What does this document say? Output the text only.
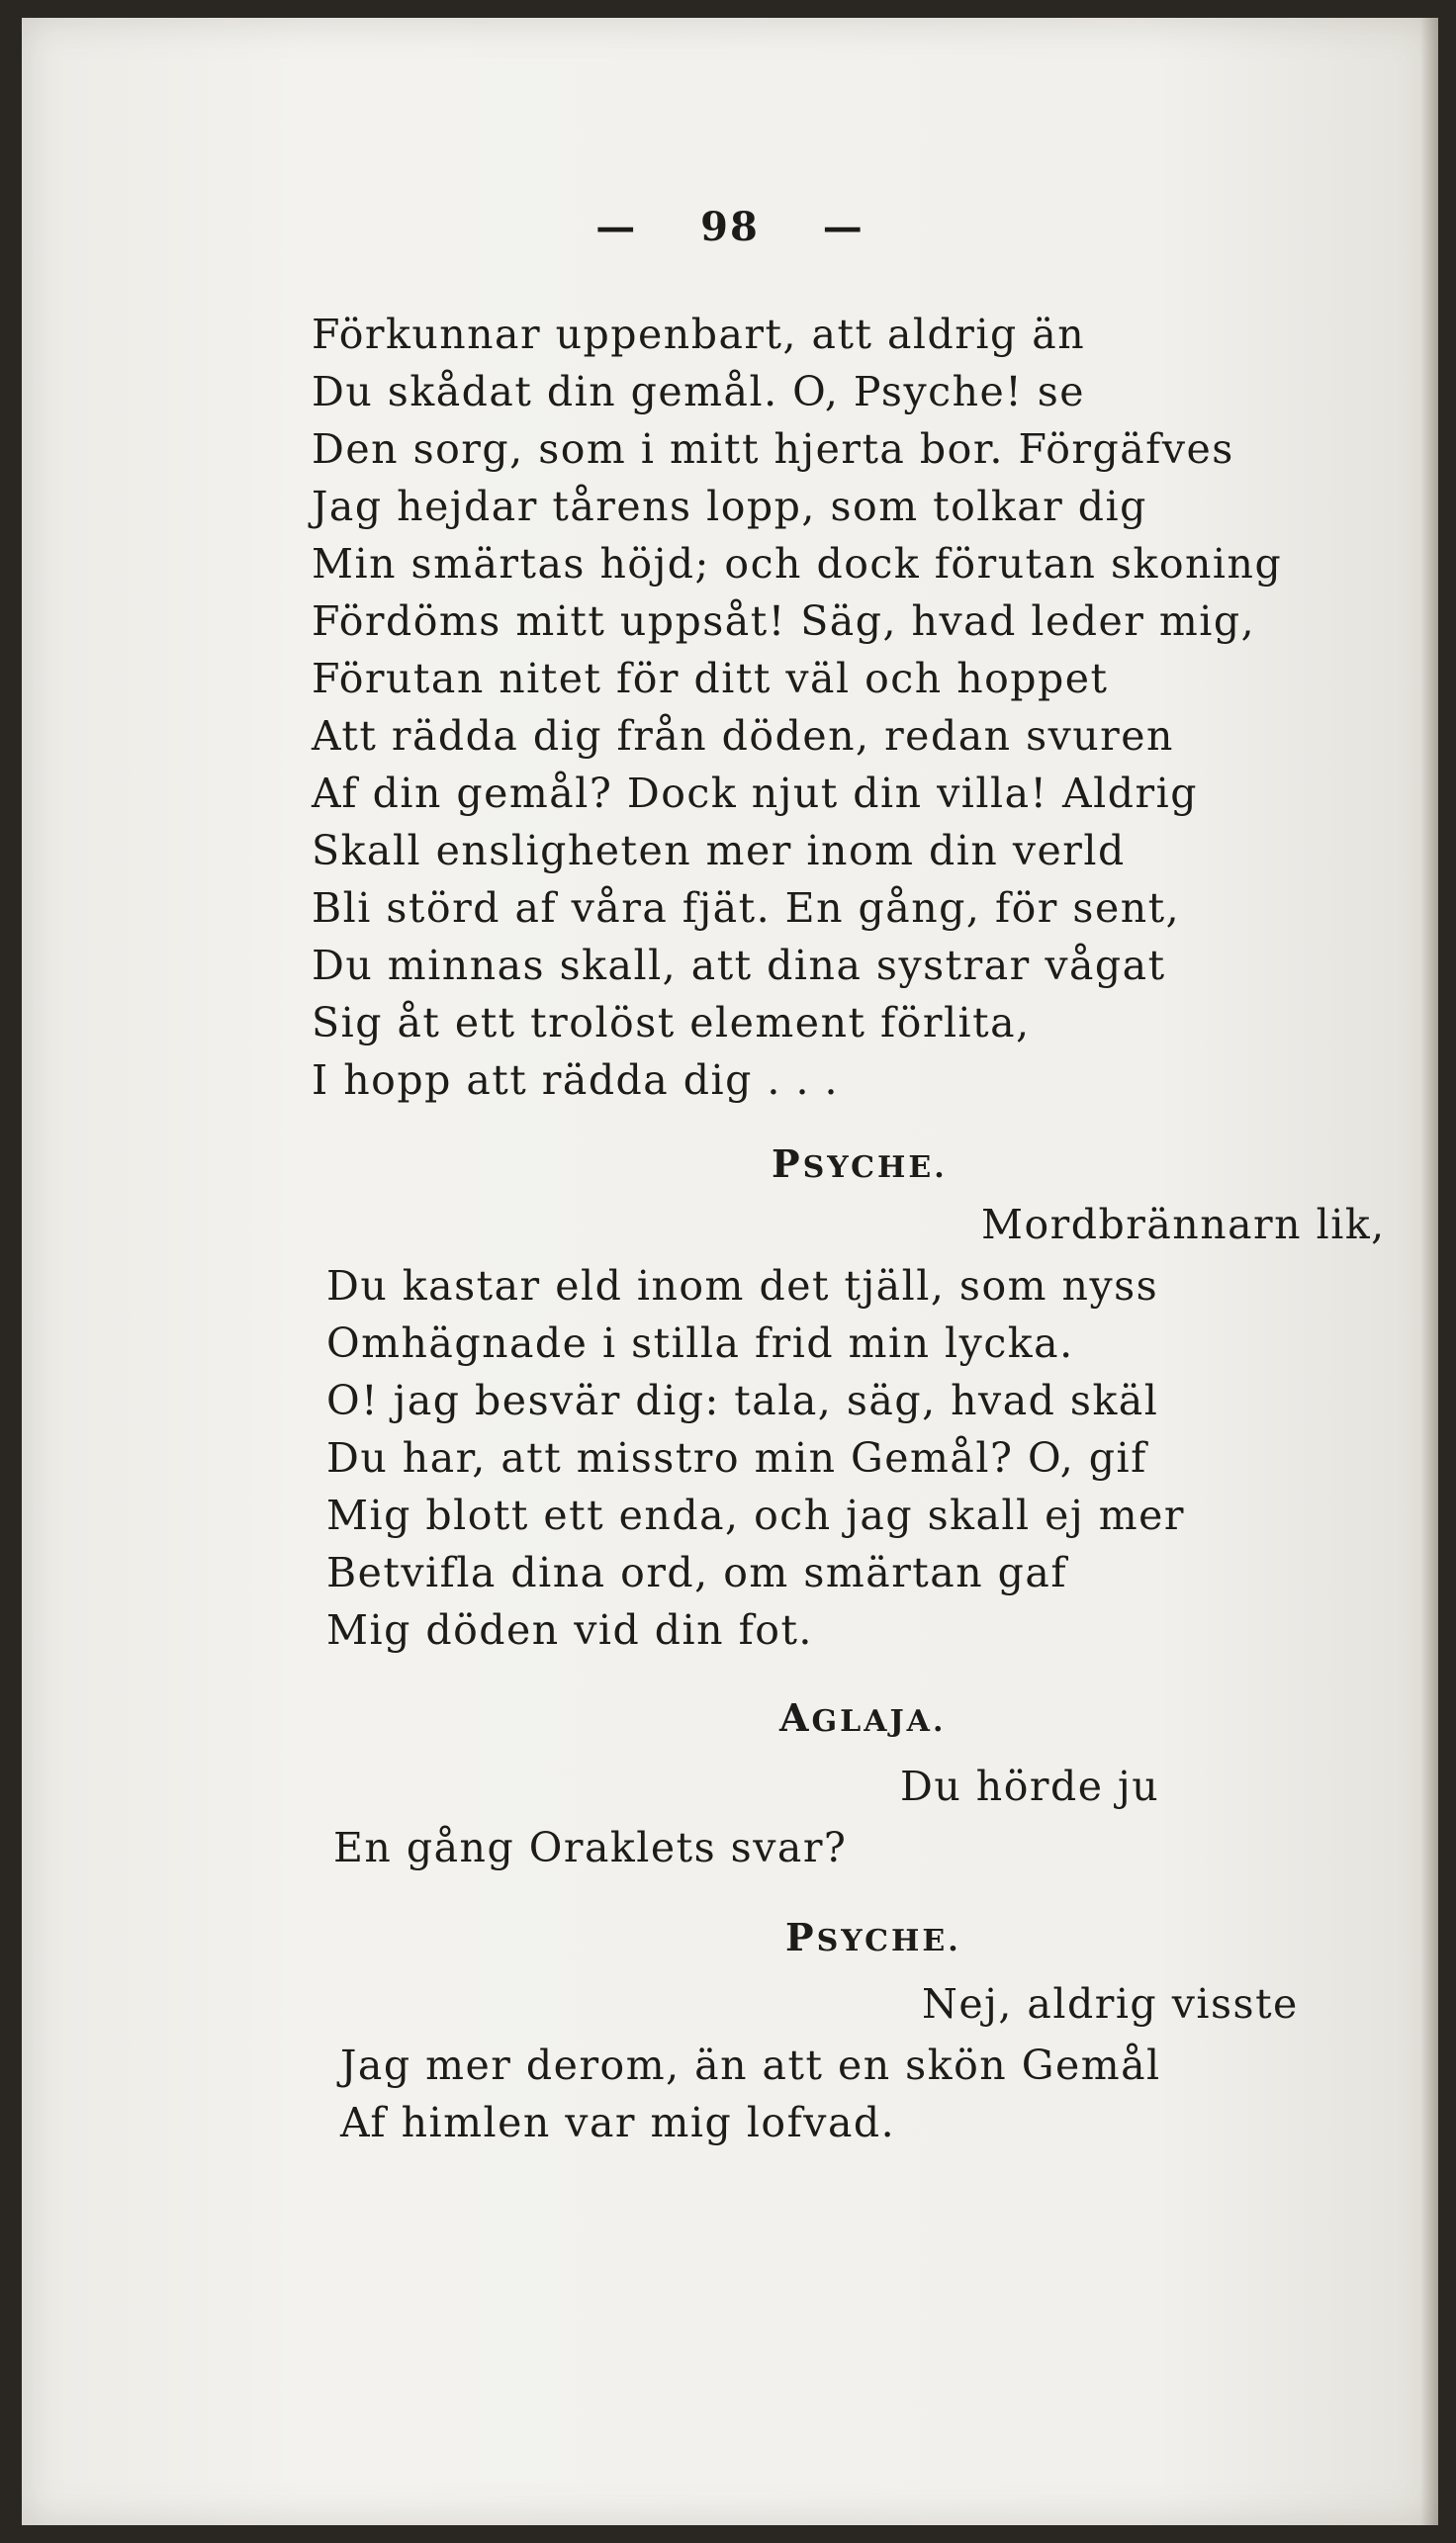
— 98 —
Förkunnar uppenbart, att aldrig än
Du skådat din gemål. O, Psyche! se
Den sorg, som i mitt hjerta bor. Förgäfves
Jag hejdar tårens lopp, som tolkar dig
Min smärtas höjd; och dock förutan skoning
Fördöms mitt uppsåt! Säg, hvad leder mig,
Förutan nitet för ditt väl och hoppet
Att rädda dig från döden, redan svuren
Af din gemål? Dock njut din villa! Aldrig
Skall ensligheten mer inom din verld
Bli störd af våra fjät. En gång, för sent,
Du minnas skall, att dina systrar vågat
Sig åt ett trolöst element förlita,
I hopp att rädda dig . . .
PSYCHE.
Mordbrännarn lik,
Du kastar eld inom det tjäll, som nyss
Omhägnade i stilla frid min lycka.
O! jag besvär dig: tala, säg, hvad skäl
Du har, att misstro min Gemål? O, gif
Mig blott ett enda, och jag skall ej mer
Betvifla dina ord, om smärtan gaf
Mig döden vid din fot.
AGLAJA.
Du hörde ju
En gång Oraklets svar?
PSYCHE.
Nej, aldrig visste
Jag mer derom, än att en skön Gemål
Af himlen var mig lofvad.
